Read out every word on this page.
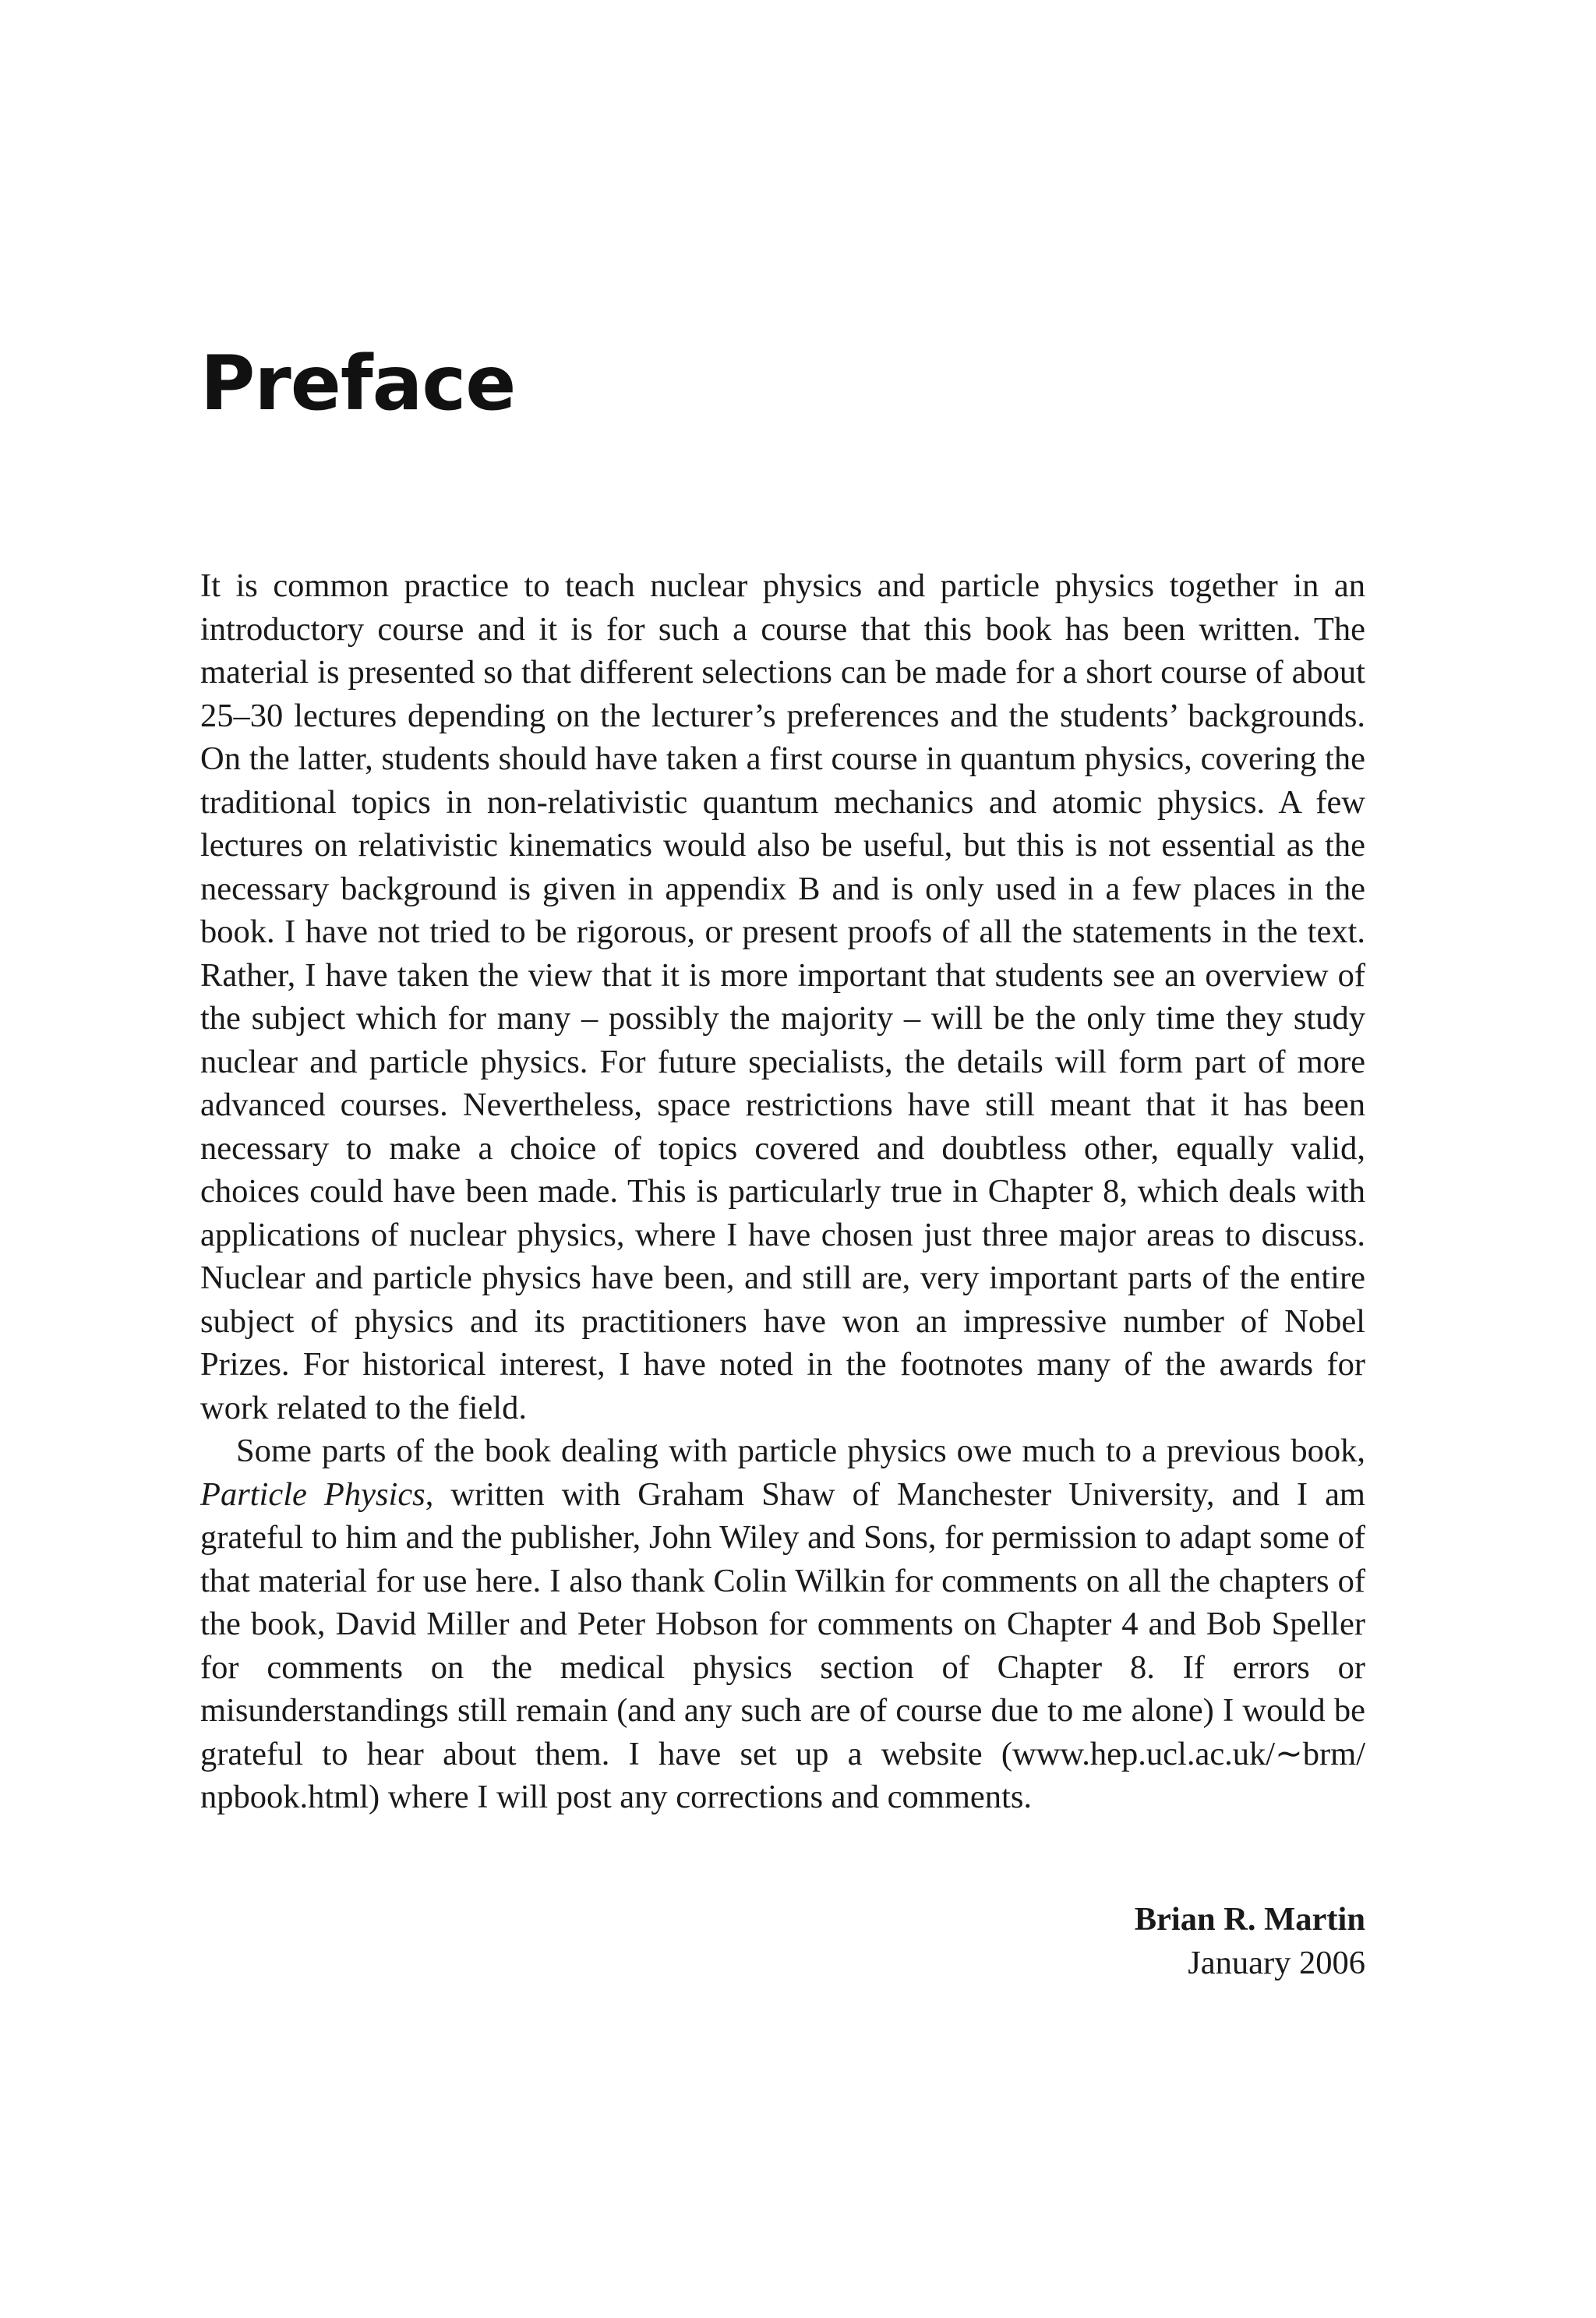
Preface

It is common practice to teach nuclear physics and particle physics together in an introductory course and it is for such a course that this book has been written. The material is presented so that different selections can be made for a short course of about 25–30 lectures depending on the lecturer’s preferences and the students’ backgrounds. On the latter, students should have taken a first course in quantum physics, covering the traditional topics in non-relativistic quantum mechanics and atomic physics. A few lectures on relativistic kinematics would also be useful, but this is not essential as the necessary background is given in appendix B and is only used in a few places in the book. I have not tried to be rigorous, or present proofs of all the statements in the text. Rather, I have taken the view that it is more important that students see an overview of the subject which for many – possibly the majority – will be the only time they study nuclear and particle physics. For future specialists, the details will form part of more advanced courses. Nevertheless, space restrictions have still meant that it has been necessary to make a choice of topics covered and doubtless other, equally valid, choices could have been made. This is particularly true in Chapter 8, which deals with applications of nuclear physics, where I have chosen just three major areas to discuss. Nuclear and particle physics have been, and still are, very important parts of the entire subject of physics and its practitioners have won an impressive number of Nobel Prizes. For historical interest, I have noted in the footnotes many of the awards for work related to the field.

Some parts of the book dealing with particle physics owe much to a previous book, Particle Physics, written with Graham Shaw of Manchester University, and I am grateful to him and the publisher, John Wiley and Sons, for permission to adapt some of that material for use here. I also thank Colin Wilkin for comments on all the chapters of the book, David Miller and Peter Hobson for comments on Chapter 4 and Bob Speller for comments on the medical physics section of Chapter 8. If errors or misunderstandings still remain (and any such are of course due to me alone) I would be grateful to hear about them. I have set up a website (www.hep.ucl.ac.uk/∼brm/ npbook.html) where I will post any corrections and comments.

Brian R. Martin
January 2006
